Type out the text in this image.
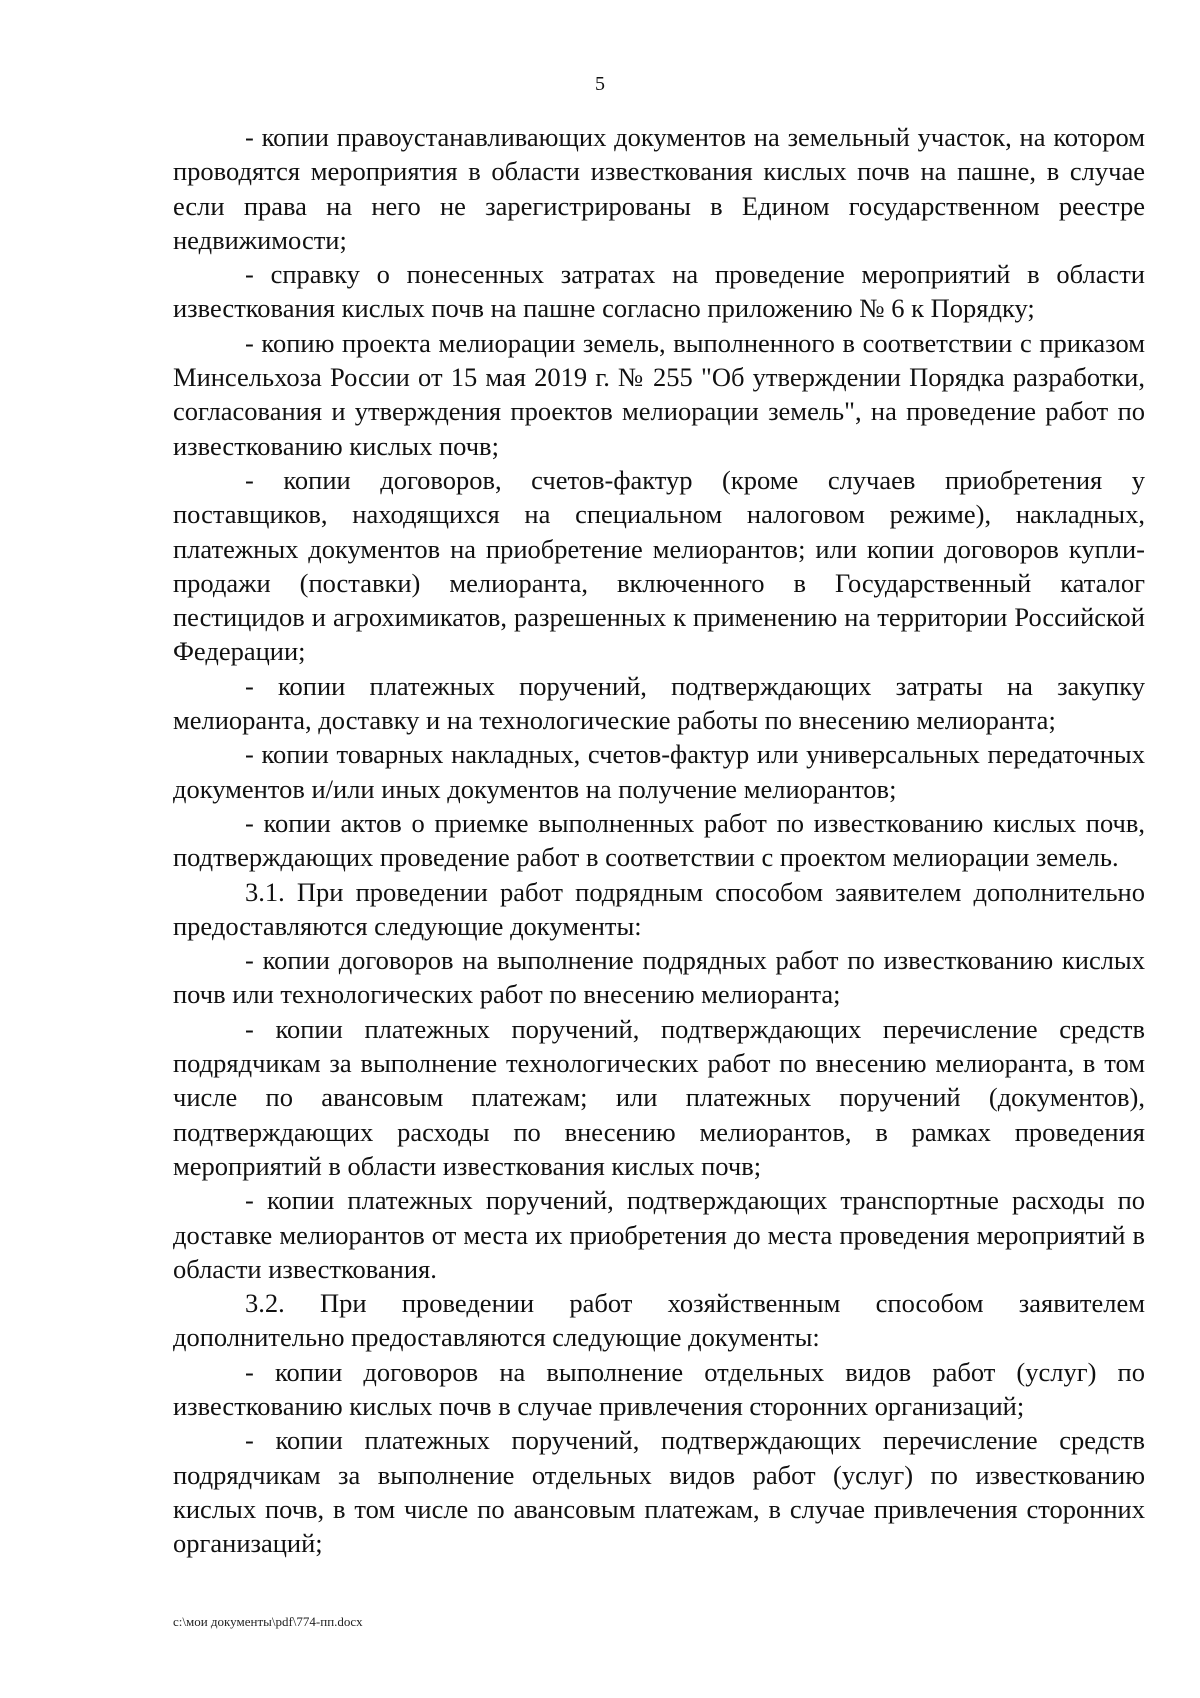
5

- копии правоустанавливающих документов на земельный участок, на котором проводятся мероприятия в области известкования кислых почв на пашне, в случае если права на него не зарегистрированы в Едином государственном реестре недвижимости;

- справку о понесенных затратах на проведение мероприятий в области известкования кислых почв на пашне согласно приложению № 6 к Порядку;

- копию проекта мелиорации земель, выполненного в соответствии с приказом Минсельхоза России от 15 мая 2019 г. № 255 "Об утверждении Порядка разработки, согласования и утверждения проектов мелиорации земель", на проведение работ по известкованию кислых почв;

- копии договоров, счетов-фактур (кроме случаев приобретения у поставщиков, находящихся на специальном налоговом режиме), накладных, платежных документов на приобретение мелиорантов; или копии договоров купли-продажи (поставки) мелиоранта, включенного в Государственный каталог пестицидов и агрохимикатов, разрешенных к применению на территории Российской Федерации;

- копии платежных поручений, подтверждающих затраты на закупку мелиоранта, доставку и на технологические работы по внесению мелиоранта;

- копии товарных накладных, счетов-фактур или универсальных передаточных документов и/или иных документов на получение мелиорантов;

- копии актов о приемке выполненных работ по известкованию кислых почв, подтверждающих проведение работ в соответствии с проектом мелиорации земель.

3.1. При проведении работ подрядным способом заявителем дополнительно предоставляются следующие документы:

- копии договоров на выполнение подрядных работ по известкованию кислых почв или технологических работ по внесению мелиоранта;

- копии платежных поручений, подтверждающих перечисление средств подрядчикам за выполнение технологических работ по внесению мелиоранта, в том числе по авансовым платежам; или платежных поручений (документов), подтверждающих расходы по внесению мелиорантов, в рамках проведения мероприятий в области известкования кислых почв;

- копии платежных поручений, подтверждающих транспортные расходы по доставке мелиорантов от места их приобретения до места проведения мероприятий в области известкования.

3.2. При проведении работ хозяйственным способом заявителем дополнительно предоставляются следующие документы:

- копии договоров на выполнение отдельных видов работ (услуг) по известкованию кислых почв в случае привлечения сторонних организаций;

- копии платежных поручений, подтверждающих перечисление средств подрядчикам за выполнение отдельных видов работ (услуг) по известкованию кислых почв, в том числе по авансовым платежам, в случае привлечения сторонних организаций;

c:\мои документы\pdf\774-пп.docx
